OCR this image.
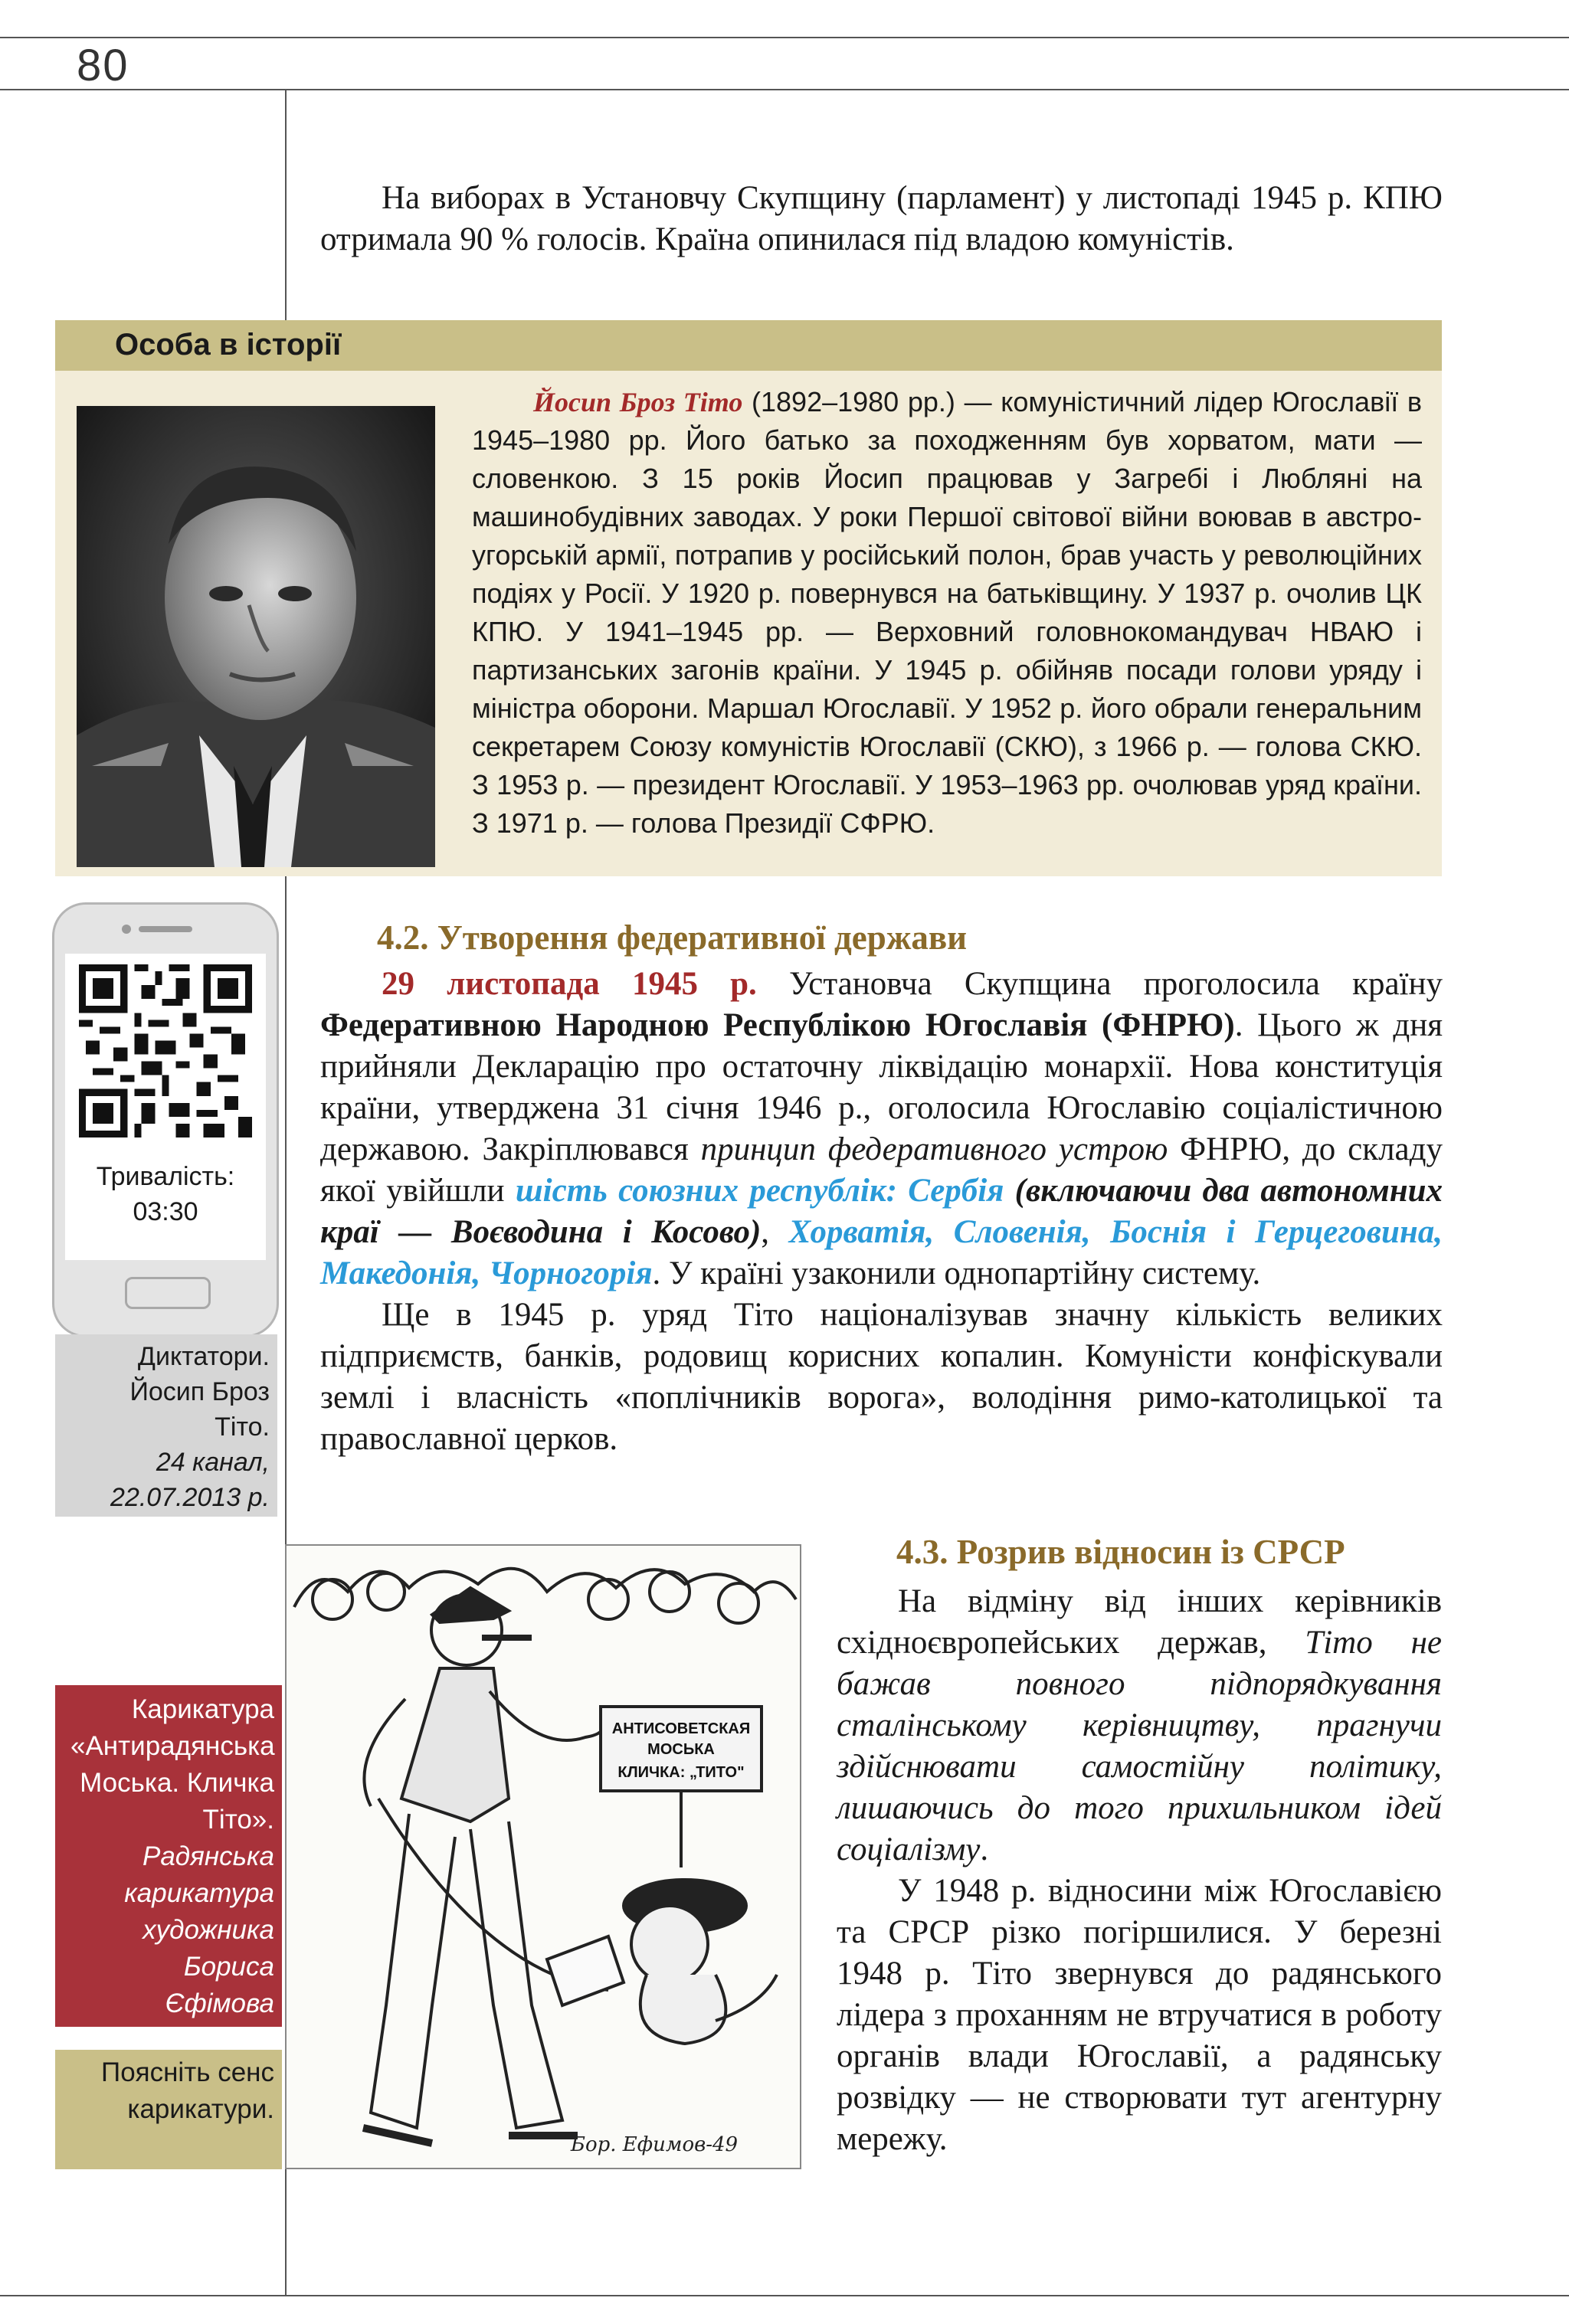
80

На виборах в Установчу Скупщину (парламент) у листопаді 1945 р. КПЮ отримала 90 % голосів. Країна опинилася під владою комуністів.

Особа в історії
Йосип Броз Тіто (1892–1980 рр.) — комуністичний лідер Югославії в 1945–1980 рр. Його батько за походженням був хорватом, мати — словенкою. З 15 років Йосип працював у Загребі і Любляні на машинобудівних заводах. У роки Першої світової війни воював в австро-угорській армії, потрапив у російський полон, брав участь у революційних подіях у Росії. У 1920 р. повернувся на батьківщину. У 1937 р. очолив ЦК КПЮ. У 1941–1945 рр. — Верховний головнокомандувач НВАЮ і партизанських загонів країни. У 1945 р. обійняв посади голови уряду і міністра оборони. Маршал Югославії. У 1952 р. його обрали генеральним секретарем Союзу комуністів Югославії (СКЮ), з 1966 р. — голова СКЮ. З 1953 р. — президент Югославії. У 1953–1963 рр. очолював уряд країни. З 1971 р. — голова Президії СФРЮ.
Тривалість:
03:30
Диктатори. Йосип Броз Тіто.
24 канал, 22.07.2013 р.
4.2. Утворення федеративної держави

29 листопада 1945 р. Установча Скупщина проголосила країну Федеративною Народною Республікою Югославія (ФНРЮ). Цього ж дня прийняли Декларацію про остаточну ліквідацію монархії. Нова конституція країни, утверджена 31 січня 1946 р., оголосила Югославію соціалістичною державою. Закріплювався принцип федеративного устрою ФНРЮ, до складу якої увійшли шість союзних республік: Сербія (включаючи два автономних краї — Воєводина і Косово), Хорватія, Словенія, Боснія і Герцеговина, Македонія, Чорногорія. У країні узаконили однопартійну систему.

Ще в 1945 р. уряд Тіто націоналізував значну кількість великих підприємств, банків, родовищ корисних копалин. Комуністи конфіскували землі і власність «поплічників ворога», володіння римо-католицької та православної церков.

АНТИСОВЕТСКАЯ
МОСЬКА
КЛИЧКА: „ТИТО"
Бор. Ефимов-49
Карикатура «Антирадянська Моська. Кличка Тіто».
Радянська карикатура художника Бориса Єфімова
Поясніть сенс карикатури.
4.3. Розрив відносин із СРСР

На відміну від інших керівників східноєвропейських держав, Тіто не бажав повного підпорядкування сталінському керівництву, прагнучи здійснювати самостійну політику, лишаючись до того прихильником ідей соціалізму.

У 1948 р. відносини між Югославією та СРСР різко погіршилися. У березні 1948 р. Тіто звернувся до радянського лідера з проханням не втручатися в роботу органів влади Югославії, а радянську розвідку — не створювати тут агентурну мережу.
